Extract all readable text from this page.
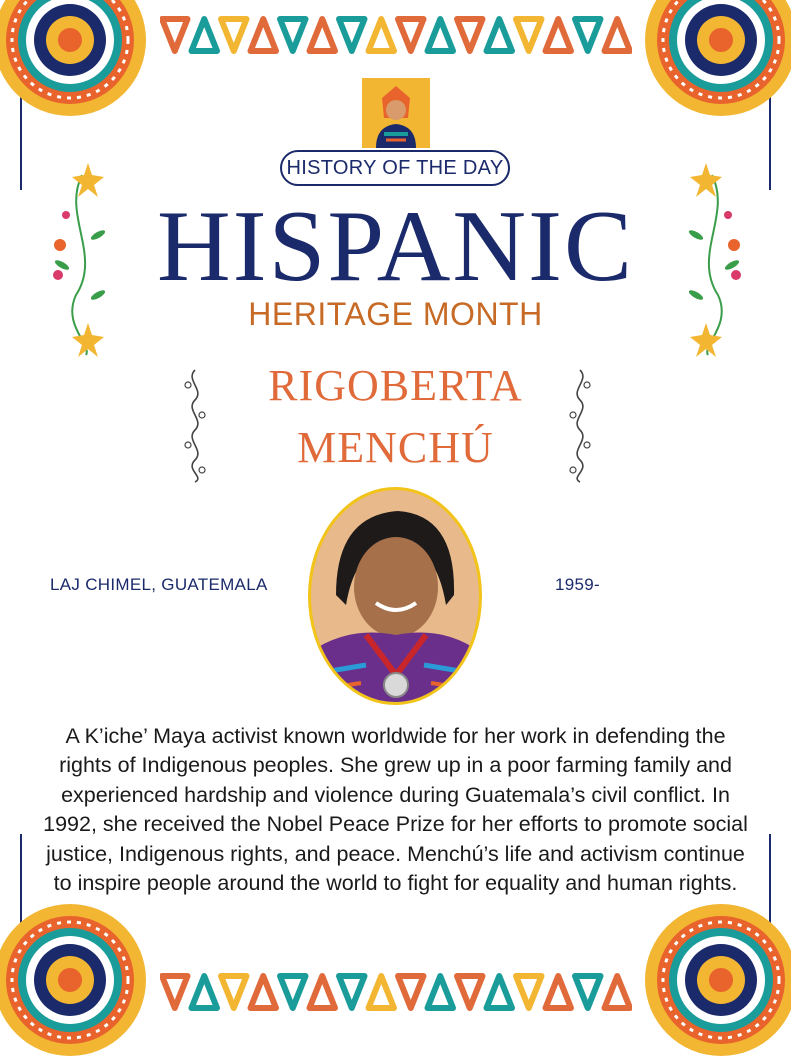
HISTORY OF THE DAY
HISPANIC
HERITAGE MONTH
RIGOBERTA
MENCHÚ
LAJ CHIMEL, GUATEMALA	1959-
A K’iche’ Maya activist known worldwide for her work in defending the rights of Indigenous peoples. She grew up in a poor farming family and experienced hardship and violence during Guatemala’s civil conflict. In 1992, she received the Nobel Peace Prize for her efforts to promote social justice, Indigenous rights, and peace. Menchú’s life and activism continue to inspire people around the world to fight for equality and human rights.
